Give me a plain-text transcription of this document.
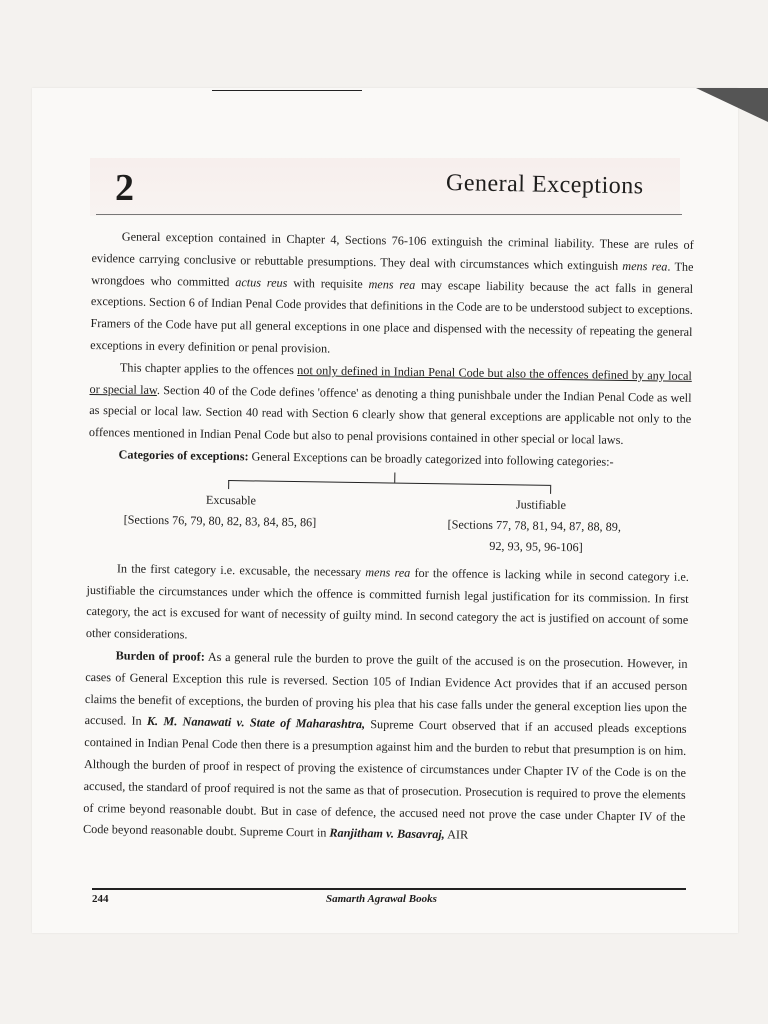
2	General Exceptions

General exception contained in Chapter 4, Sections 76-106 extinguish the criminal liability. These are rules of evidence carrying conclusive or rebuttable presumptions. They deal with circumstances which extinguish mens rea. The wrongdoes who committed actus reus with requisite mens rea may escape liability because the act falls in general exceptions. Section 6 of Indian Penal Code provides that definitions in the Code are to be understood subject to exceptions. Framers of the Code have put all general exceptions in one place and dispensed with the necessity of repeating the general exceptions in every definition or penal provision.

This chapter applies to the offences not only defined in Indian Penal Code but also the offences defined by any local or special law. Section 40 of the Code defines 'offence' as denoting a thing punishbale under the Indian Penal Code as well as special or local law. Section 40 read with Section 6 clearly show that general exceptions are applicable not only to the offences mentioned in Indian Penal Code but also to penal provisions contained in other special or local laws.

Categories of exceptions: General Exceptions can be broadly categorized into following categories:-

Excusable
[Sections 76, 79, 80, 82, 83, 84, 85, 86]
Justifiable
[Sections 77, 78, 81, 94, 87, 88, 89,
92, 93, 95, 96-106]

In the first category i.e. excusable, the necessary mens rea for the offence is lacking while in second category i.e. justifiable the circumstances under which the offence is committed furnish legal justification for its commission. In first category, the act is excused for want of necessity of guilty mind. In second category the act is justified on account of some other considerations.

Burden of proof: As a general rule the burden to prove the guilt of the accused is on the prosecution. However, in cases of General Exception this rule is reversed. Section 105 of Indian Evidence Act provides that if an accused person claims the benefit of exceptions, the burden of proving his plea that his case falls under the general exception lies upon the accused. In K. M. Nanawati v. State of Maharashtra, Supreme Court observed that if an accused pleads exceptions contained in Indian Penal Code then there is a presumption against him and the burden to rebut that presumption is on him. Although the burden of proof in respect of proving the existence of circumstances under Chapter IV of the Code is on the accused, the standard of proof required is not the same as that of prosecution. Prosecution is required to prove the elements of crime beyond reasonable doubt. But in case of defence, the accused need not prove the case under Chapter IV of the Code beyond reasonable doubt. Supreme Court in Ranjitham v. Basavraj, AIR

244	Samarth Agrawal Books
